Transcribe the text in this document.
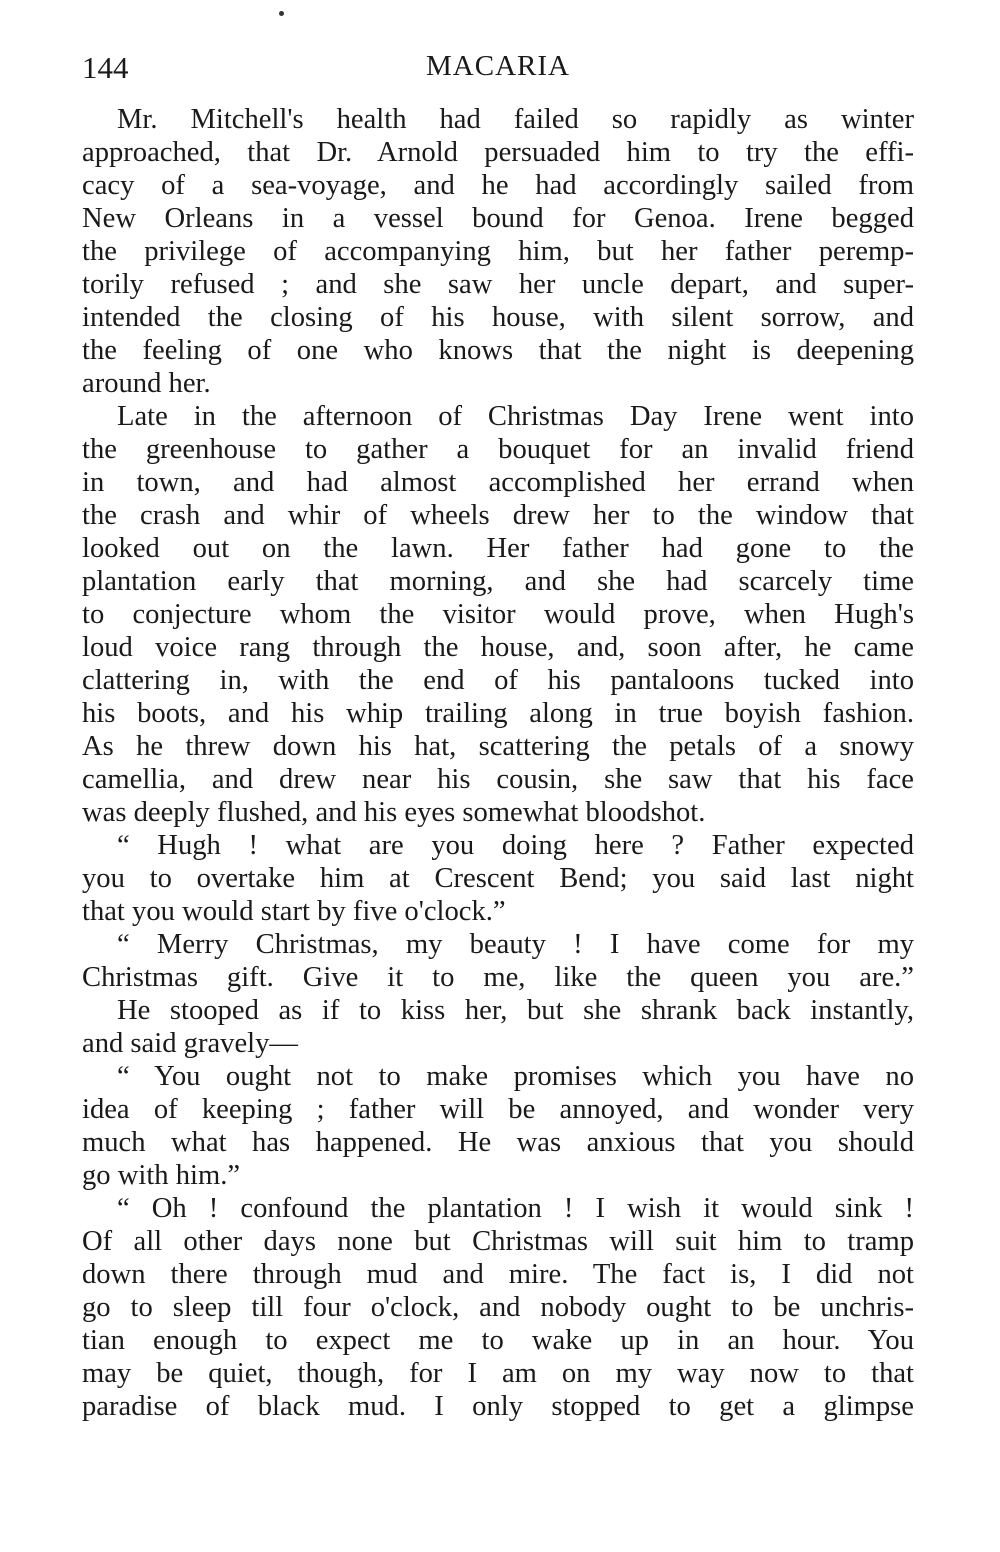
144	MACARIA
Mr. Mitchell's health had failed so rapidly as winter
approached, that Dr. Arnold persuaded him to try the effi-
cacy of a sea-voyage, and he had accordingly sailed from
New Orleans in a vessel bound for Genoa. Irene begged
the privilege of accompanying him, but her father peremp-
torily refused ; and she saw her uncle depart, and super-
intended the closing of his house, with silent sorrow, and
the feeling of one who knows that the night is deepening
around her.
Late in the afternoon of Christmas Day Irene went into
the greenhouse to gather a bouquet for an invalid friend
in town, and had almost accomplished her errand when
the crash and whir of wheels drew her to the window that
looked out on the lawn. Her father had gone to the
plantation early that morning, and she had scarcely time
to conjecture whom the visitor would prove, when Hugh's
loud voice rang through the house, and, soon after, he came
clattering in, with the end of his pantaloons tucked into
his boots, and his whip trailing along in true boyish fashion.
As he threw down his hat, scattering the petals of a snowy
camellia, and drew near his cousin, she saw that his face
was deeply flushed, and his eyes somewhat bloodshot.
“ Hugh ! what are you doing here ? Father expected
you to overtake him at Crescent Bend; you said last night
that you would start by five o'clock.”
“ Merry Christmas, my beauty ! I have come for my
Christmas gift. Give it to me, like the queen you are.”
He stooped as if to kiss her, but she shrank back instantly,
and said gravely—
“ You ought not to make promises which you have no
idea of keeping ; father will be annoyed, and wonder very
much what has happened. He was anxious that you should
go with him.”
“ Oh ! confound the plantation ! I wish it would sink !
Of all other days none but Christmas will suit him to tramp
down there through mud and mire. The fact is, I did not
go to sleep till four o'clock, and nobody ought to be unchris-
tian enough to expect me to wake up in an hour. You
may be quiet, though, for I am on my way now to that
paradise of black mud. I only stopped to get a glimpse
